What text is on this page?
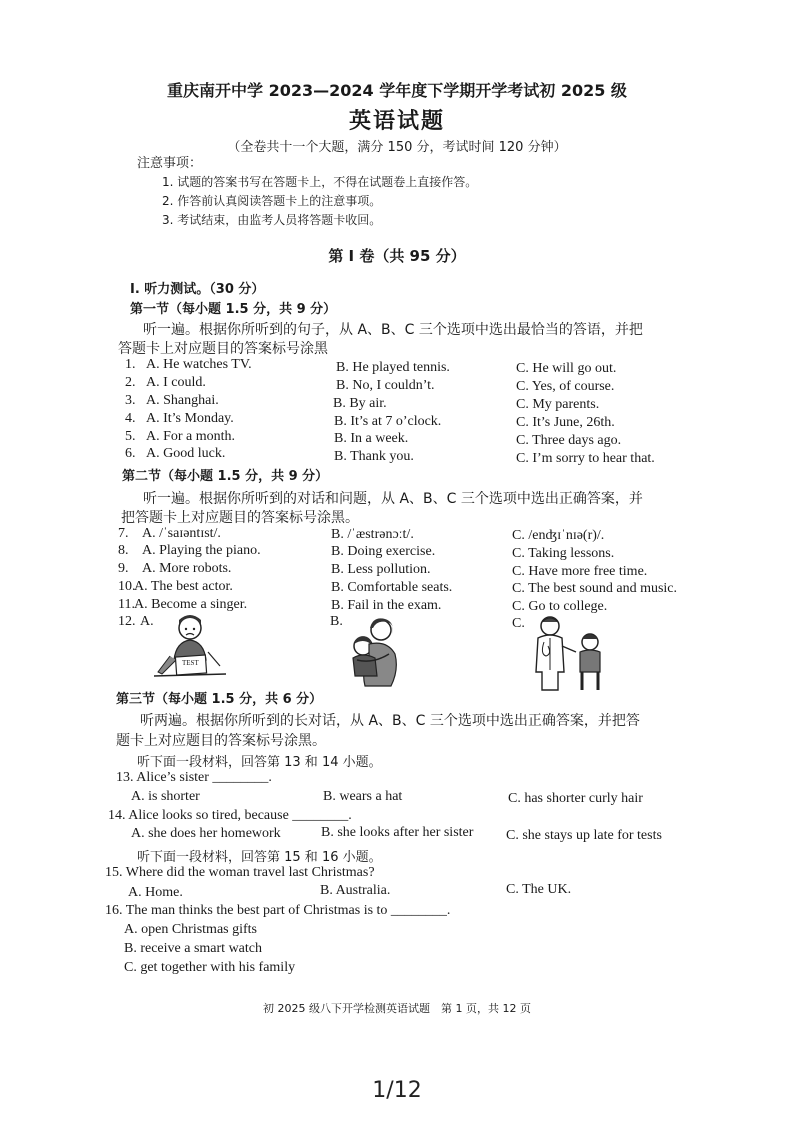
重庆南开中学 2023—2024 学年度下学期开学考试初 2025 级
英语试题
（全卷共十一个大题，满分 150 分，考试时间 120 分钟）
注意事项：
1. 试题的答案书写在答题卡上，不得在试题卷上直接作答。
2. 作答前认真阅读答题卡上的注意事项。
3. 考试结束，由监考人员将答题卡收回。
第 I 卷（共 95 分）
I. 听力测试。（30 分）
第一节（每小题 1.5 分，共 9 分）
听一遍。根据你所听到的句子，从 A、B、C 三个选项中选出最恰当的答语，并把
答题卡上对应题目的答案标号涂黑
1. A. He watches TV.	B. He played tennis.	C. He will go out.
2. A. I could.	B. No, I couldn’t.	C. Yes, of course.
3. A. Shanghai.	B. By air.	C. My parents.
4. A. It’s Monday.	B. It’s at 7 o’clock.	C. It’s June, 26th.
5. A. For a month.	B. In a week.	C. Three days ago.
6. A. Good luck.	B. Thank you.	C. I’m sorry to hear that.
第二节（每小题 1.5 分，共 9 分）
听一遍。根据你所听到的对话和问题，从 A、B、C 三个选项中选出正确答案，并
把答题卡上对应题目的答案标号涂黑。
7. A. /ˈsaɪəntɪst/.	B. /ˈæstrənɔːt/.	C. /enʤɪˈnɪə(r)/.
8. A. Playing the piano.	B. Doing exercise.	C. Taking lessons.
9. A. More robots.	B. Less pollution.	C. Have more free time.
10.
A. The best actor.	B. Comfortable seats.	C. The best sound and music.
11. A. Become a singer.	B. Fail in the exam.	C. Go to college.
12. A.	B.	C.
TEST
第三节（每小题 1.5 分，共 6 分）
听两遍。根据你所听到的长对话，从 A、B、C 三个选项中选出正确答案，并把答
题卡上对应题目的答案标号涂黑。
听下面一段材料，回答第 13 和 14 小题。
13. Alice’s sister ________.
A. is shorter	B. wears a hat	C. has shorter curly hair
14. Alice looks so tired, because ________.
A. she does her homework	B. she looks after her sister C. she stays up late for tests
听下面一段材料，回答第 15 和 16 小题。
15. Where did the woman travel last Christmas?
A. Home.	B. Australia.	C. The UK.
16. The man thinks the best part of Christmas is to ________.
A. open Christmas gifts
B. receive a smart watch
C. get together with his family
初 2025 级八下开学检测英语试题　第 1 页，共 12 页
1/12
